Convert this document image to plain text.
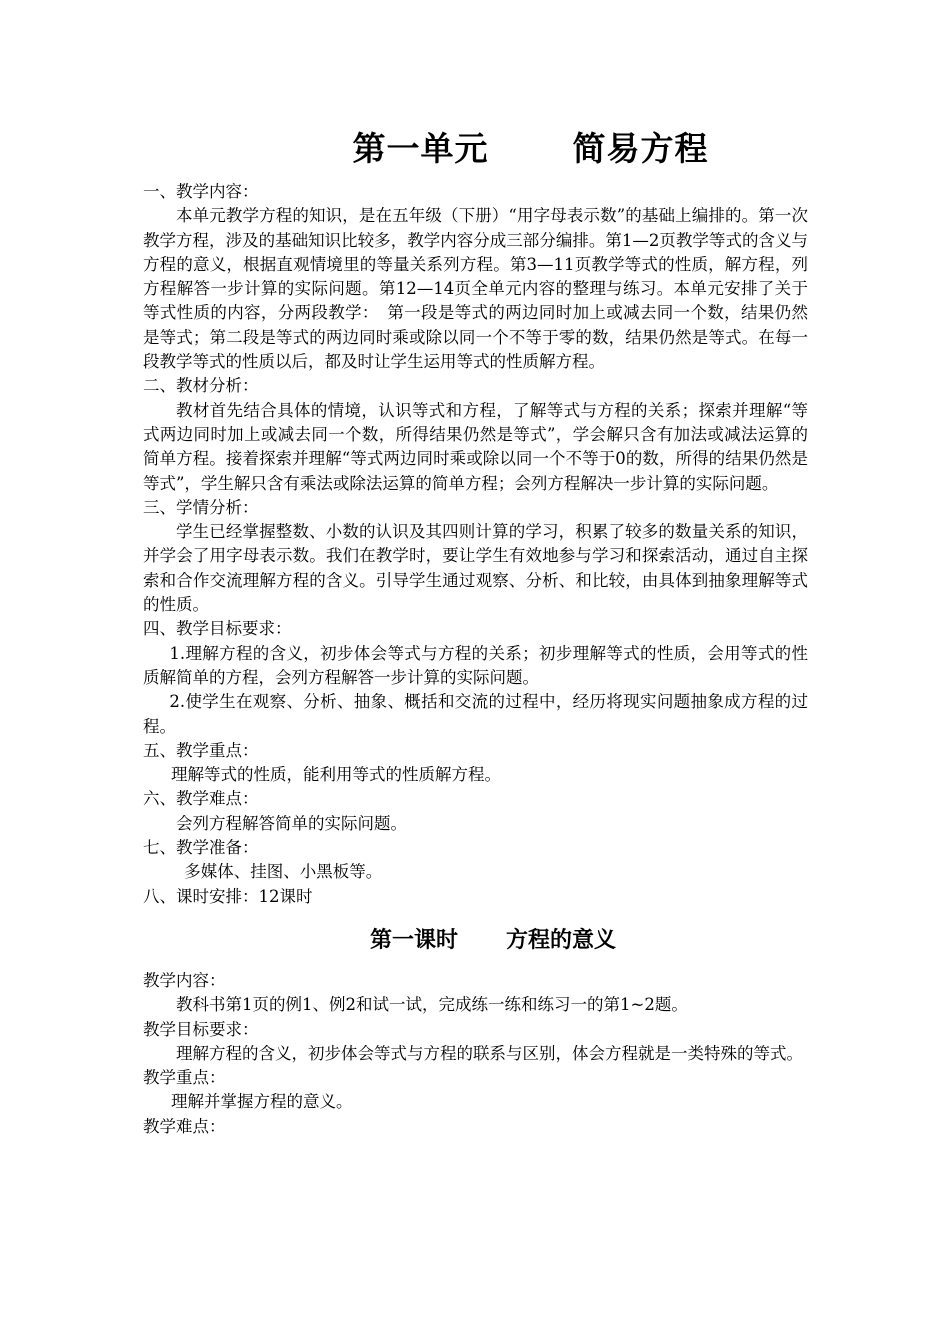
第一单元	简易方程

一、教学内容：

本单元教学方程的知识，是在五年级（下册）“用字母表示数”的基础上编排的。第一次教学方程，涉及的基础知识比较多，教学内容分成三部分编排。第1—2页教学等式的含义与方程的意义，根据直观情境里的等量关系列方程。第3—11页教学等式的性质，解方程，列方程解答一步计算的实际问题。第12—14页全单元内容的整理与练习。本单元安排了关于等式性质的内容，分两段教学：　第一段是等式的两边同时加上或减去同一个数，结果仍然是等式；第二段是等式的两边同时乘或除以同一个不等于零的数，结果仍然是等式。在每一段教学等式的性质以后，都及时让学生运用等式的性质解方程。

二、教材分析：

教材首先结合具体的情境，认识等式和方程，了解等式与方程的关系；探索并理解“等式两边同时加上或减去同一个数，所得结果仍然是等式”，学会解只含有加法或减法运算的简单方程。接着探索并理解“等式两边同时乘或除以同一个不等于0的数，所得的结果仍然是等式”，学生解只含有乘法或除法运算的简单方程；会列方程解决一步计算的实际问题。

三、学情分析：

学生已经掌握整数、小数的认识及其四则计算的学习，积累了较多的数量关系的知识，并学会了用字母表示数。我们在教学时，要让学生有效地参与学习和探索活动，通过自主探索和合作交流理解方程的含义。引导学生通过观察、分析、和比较，由具体到抽象理解等式的性质。

四、教学目标要求：

1.理解方程的含义，初步体会等式与方程的关系；初步理解等式的性质，会用等式的性质解简单的方程，会列方程解答一步计算的实际问题。

2.使学生在观察、分析、抽象、概括和交流的过程中，经历将现实问题抽象成方程的过程。

五、教学重点：

理解等式的性质，能利用等式的性质解方程。

六、教学难点：

会列方程解答简单的实际问题。

七、教学准备：

多媒体、挂图、小黑板等。

八、课时安排：12课时

第一课时 方程的意义

教学内容：

教科书第1页的例1、例2和试一试，完成练一练和练习一的第1~2题。

教学目标要求：

理解方程的含义，初步体会等式与方程的联系与区别，体会方程就是一类特殊的等式。

教学重点：

理解并掌握方程的意义。

教学难点：
